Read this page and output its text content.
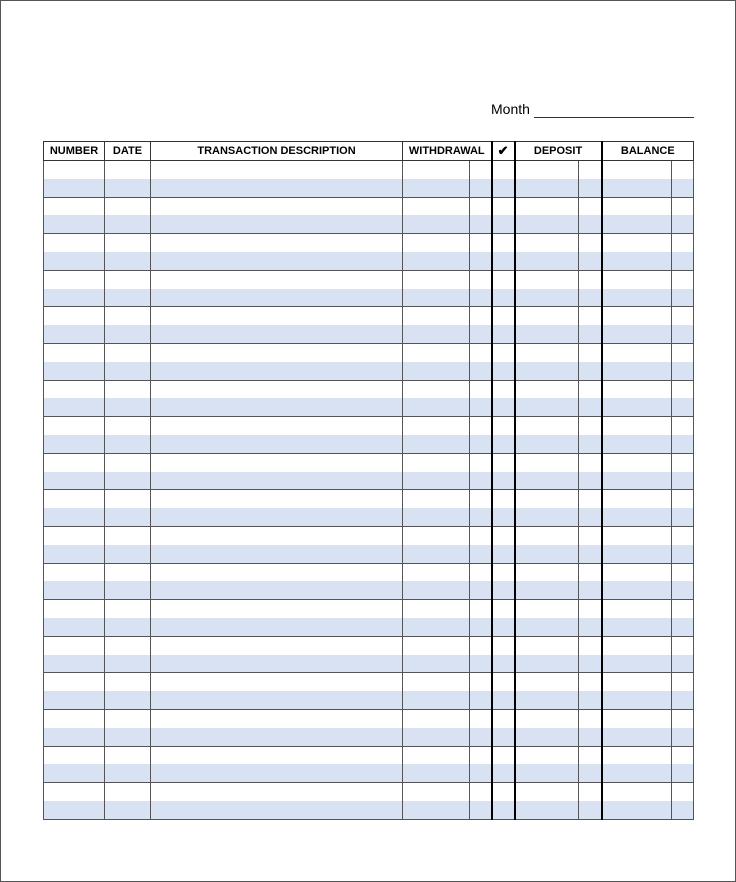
Month
NUMBER	DATE	TRANSACTION DESCRIPTION	WITHDRAWAL		✔	DEPOSIT		BALANCE	
